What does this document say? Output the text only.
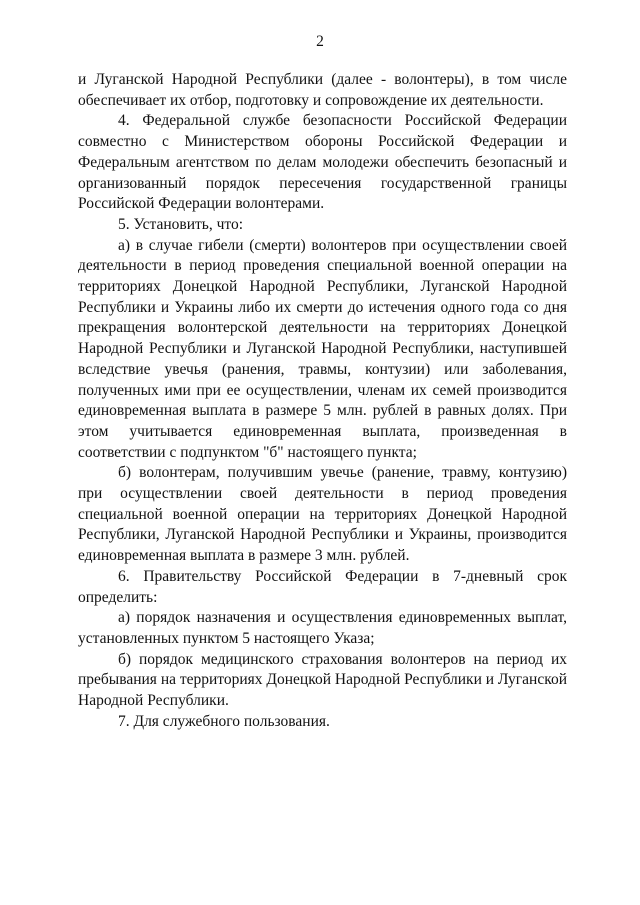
2

и Луганской Народной Республики (далее - волонтеры), в том числе обеспечивает их отбор, подготовку и сопровождение их деятельности.

4. Федеральной службе безопасности Российской Федерации совместно с Министерством обороны Российской Федерации и Федеральным агентством по делам молодежи обеспечить безопасный и организованный порядок пересечения государственной границы Российской Федерации волонтерами.

5. Установить, что:

а) в случае гибели (смерти) волонтеров при осуществлении своей деятельности в период проведения специальной военной операции на территориях Донецкой Народной Республики, Луганской Народной Республики и Украины либо их смерти до истечения одного года со дня прекращения волонтерской деятельности на территориях Донецкой Народной Республики и Луганской Народной Республики, наступившей вследствие увечья (ранения, травмы, контузии) или заболевания, полученных ими при ее осуществлении, членам их семей производится единовременная выплата в размере 5 млн. рублей в равных долях. При этом учитывается единовременная выплата, произведенная в соответствии с подпунктом "б" настоящего пункта;

б) волонтерам, получившим увечье (ранение, травму, контузию) при осуществлении своей деятельности в период проведения специальной военной операции на территориях Донецкой Народной Республики, Луганской Народной Республики и Украины, производится единовременная выплата в размере 3 млн. рублей.

6. Правительству Российской Федерации в 7-дневный срок определить:

а) порядок назначения и осуществления единовременных выплат, установленных пунктом 5 настоящего Указа;

б) порядок медицинского страхования волонтеров на период их пребывания на территориях Донецкой Народной Республики и Луганской Народной Республики.

7. Для служебного пользования.
